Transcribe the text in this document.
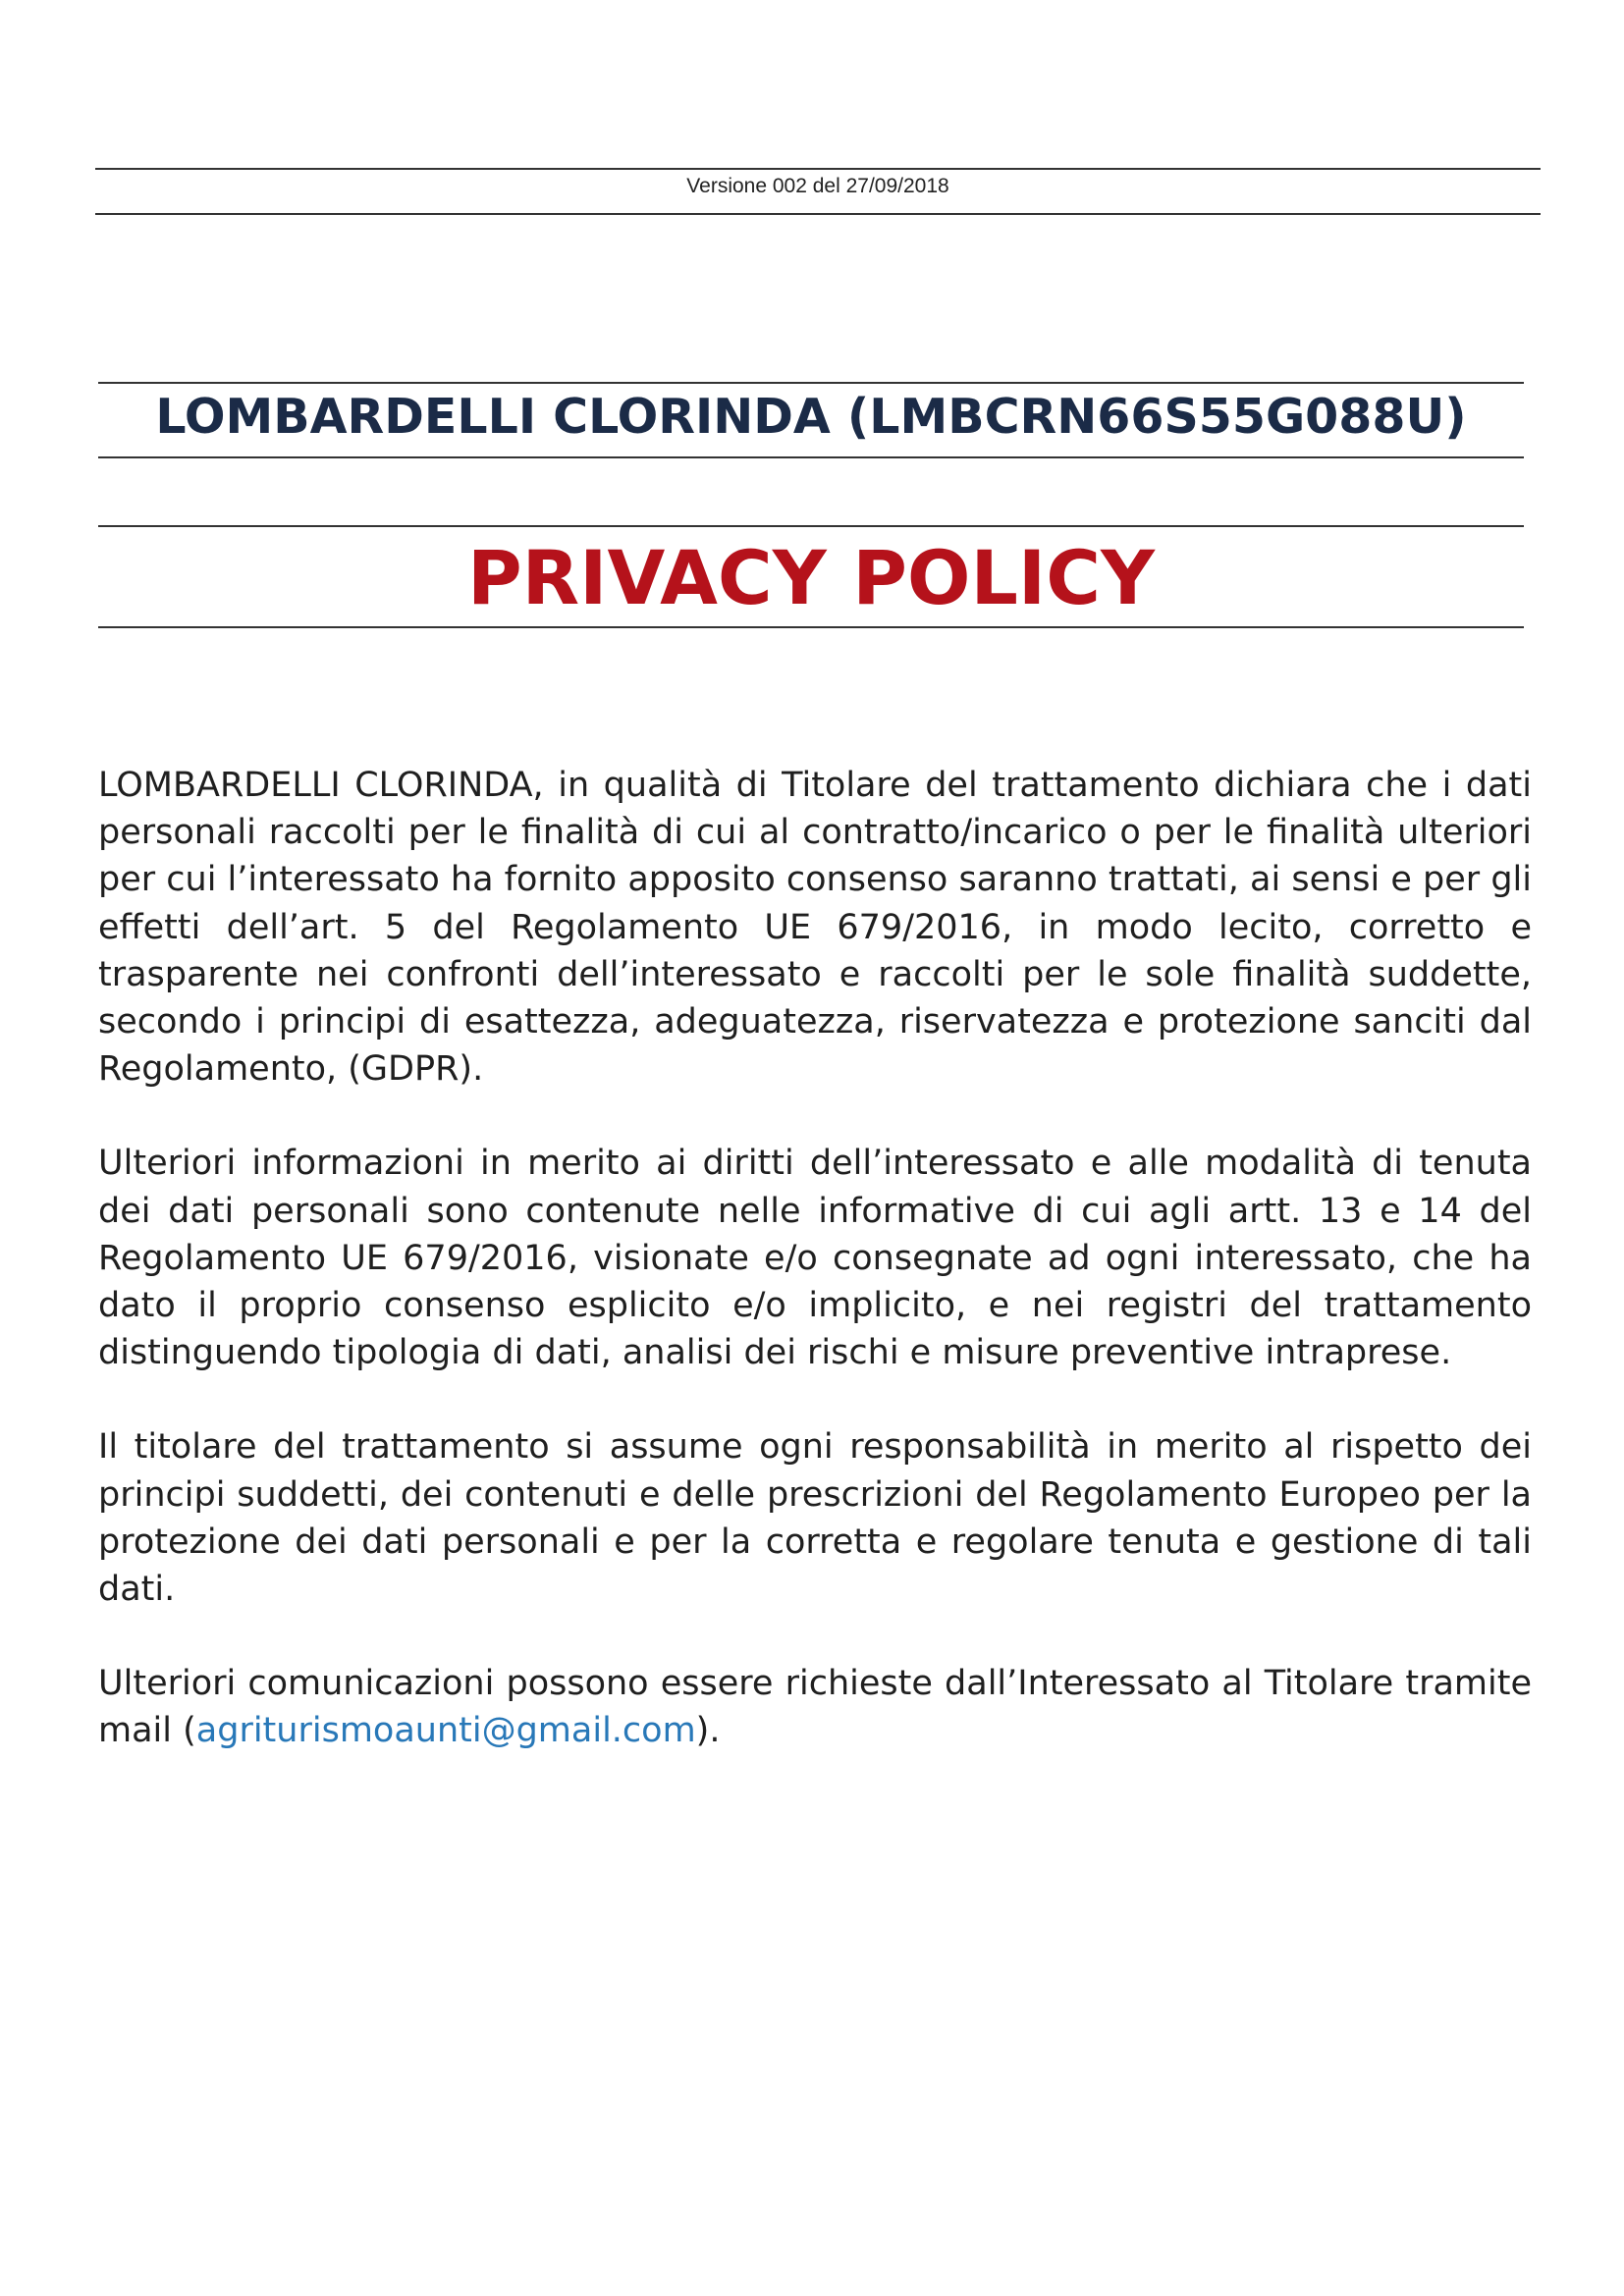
Versione 002 del 27/09/2018
LOMBARDELLI CLORINDA (LMBCRN66S55G088U)
PRIVACY POLICY

LOMBARDELLI CLORINDA, in qualità di Titolare del trattamento dichiara che i dati personali raccolti per le finalità di cui al contratto/incarico o per le finalità ulteriori per cui l’interessato ha fornito apposito consenso saranno trattati, ai sensi e per gli effetti dell’art. 5 del Regolamento UE 679/2016, in modo lecito, corretto e trasparente nei confronti dell’interessato e raccolti per le sole finalità suddette, secondo i principi di esattezza, adeguatezza, riservatezza e protezione sanciti dal Regolamento, (GDPR).

Ulteriori informazioni in merito ai diritti dell’interessato e alle modalità di tenuta dei dati personali sono contenute nelle informative di cui agli artt. 13 e 14 del Regolamento UE 679/2016, visionate e/o consegnate ad ogni interessato, che ha dato il proprio consenso esplicito e/o implicito, e nei registri del trattamento distinguendo tipologia di dati, analisi dei rischi e misure preventive intraprese.

Il titolare del trattamento si assume ogni responsabilità in merito al rispetto dei principi suddetti, dei contenuti e delle prescrizioni del Regolamento Europeo per la protezione dei dati personali e per la corretta e regolare tenuta e gestione di tali dati.

Ulteriori comunicazioni possono essere richieste dall’Interessato al Titolare tramite mail (agriturismoaunti@gmail.com).
